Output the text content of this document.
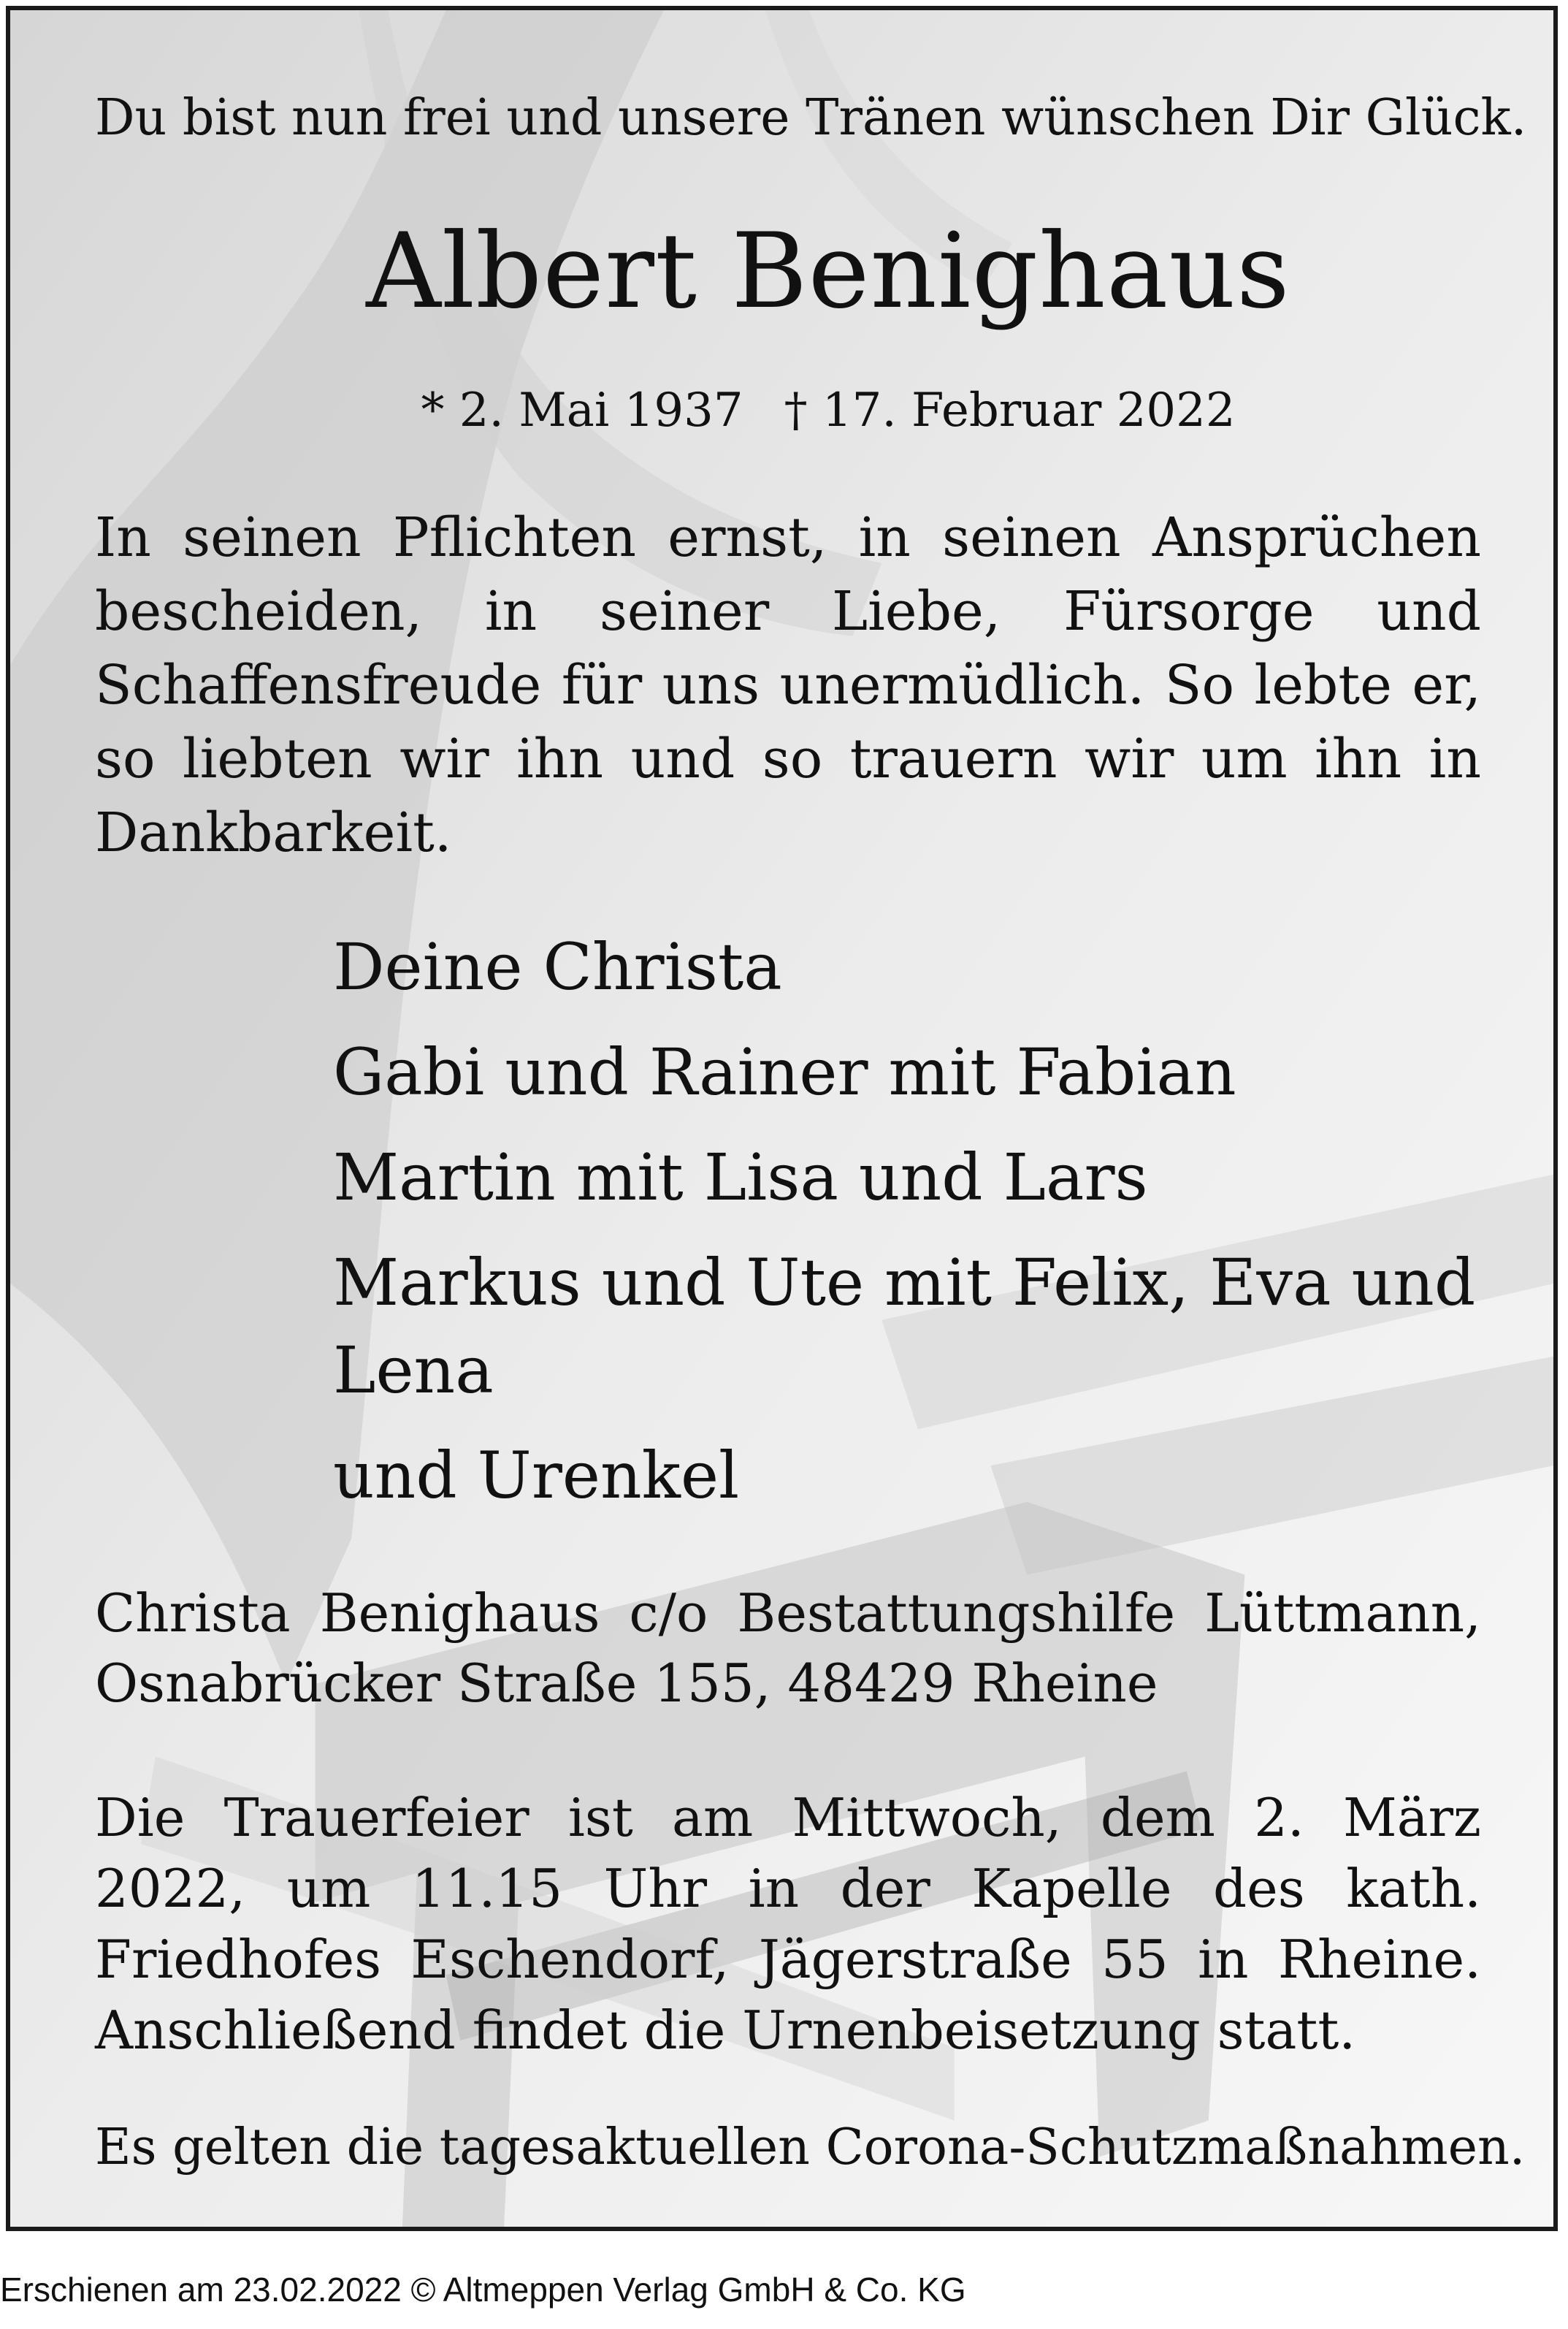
Du bist nun frei und unsere Tränen wünschen Dir Glück.
Albert Benighaus
* 2. Mai 1937 † 17. Februar 2022

In seinen Pflichten ernst, in seinen Ansprüchen bescheiden, in seiner Liebe, Fürsorge und Schaffensfreude für uns unermüdlich. So lebte er, so liebten wir ihn und so trauern wir um ihn in Dankbarkeit.

Deine Christa
Gabi und Rainer mit Fabian
Martin mit Lisa und Lars
Markus und Ute mit Felix, Eva und Lena
und Urenkel

Christa Benighaus c/o Bestattungshilfe Lüttmann, Osnabrücker Straße 155, 48429 Rheine

Die Trauerfeier ist am Mittwoch, dem 2. März 2022, um 11.15 Uhr in der Kapelle des kath. Friedhofes Eschendorf, Jägerstraße 55 in Rheine. Anschließend findet die Urnenbeisetzung statt.

Es gelten die tagesaktuellen Corona-Schutzmaßnahmen.

Erschienen am 23.02.2022 © Altmeppen Verlag GmbH & Co. KG
